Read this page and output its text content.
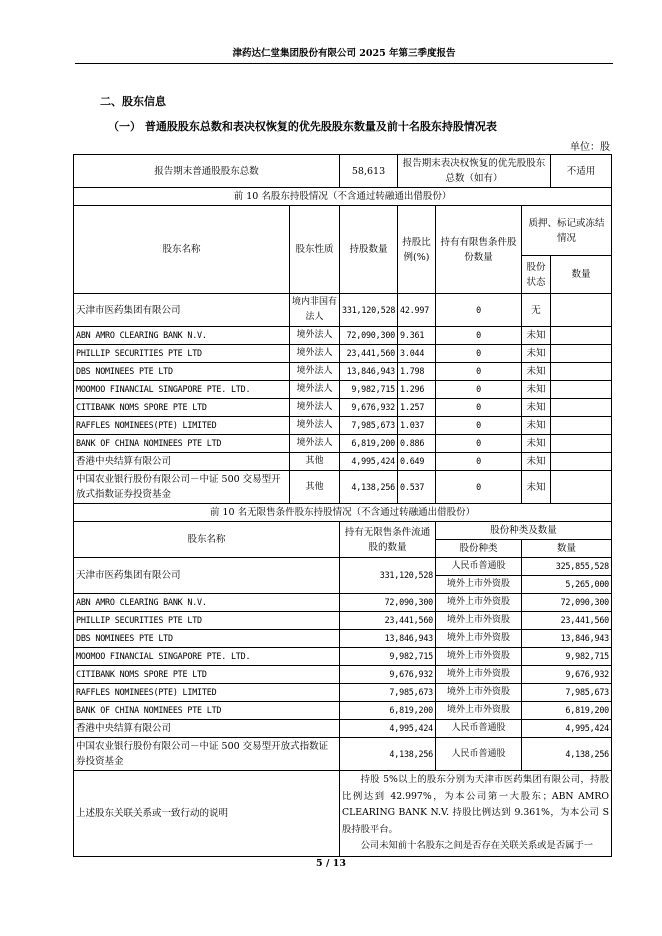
津药达仁堂集团股份有限公司 2025 年第三季度报告
二、股东信息
（一） 普通股股东总数和表决权恢复的优先股股东数量及前十名股东持股情况表
单位：股
报告期末普通股股东总数		58,613	报告期末表决权恢复的优先股股东总数（如有）			不适用
前 10 名股东持股情况（不含通过转融通出借股份）						
股东名称	股东性质	持股数量	持股比例(%)	持有有限售条件股份数量	质押、标记或冻结情况	
					股份状态	数量
天津市医药集团有限公司	境内非国有法人	331,120,528	42.997	0	无	
ABN AMRO CLEARING BANK N.V.	境外法人	72,090,300	9.361	0	未知	
PHILLIP SECURITIES PTE LTD	境外法人	23,441,560	3.044	0	未知	
DBS NOMINEES PTE LTD	境外法人	13,846,943	1.798	0	未知	
MOOMOO FINANCIAL SINGAPORE PTE. LTD.	境外法人	9,982,715	1.296	0	未知	
CITIBANK NOMS SPORE PTE LTD	境外法人	9,676,932	1.257	0	未知	
RAFFLES NOMINEES(PTE) LIMITED	境外法人	7,985,673	1.037	0	未知	
BANK OF CHINA NOMINEES PTE LTD	境外法人	6,819,200	0.886	0	未知	
香港中央结算有限公司	其他	4,995,424	0.649	0	未知	
中国农业银行股份有限公司－中证 500 交易型开放式指数证券投资基金	其他	4,138,256	0.537	0	未知	
前 10 名无限售条件股东持股情况（不含通过转融通出借股份）						
股东名称		持有无限售条件流通股的数量		股份种类及数量		
				股份种类	数量	
天津市医药集团有限公司		331,120,528		人民币普通股	325,855,528	
				境外上市外资股	5,265,000	
ABN AMRO CLEARING BANK N.V.		72,090,300		境外上市外资股	72,090,300	
PHILLIP SECURITIES PTE LTD		23,441,560		境外上市外资股	23,441,560	
DBS NOMINEES PTE LTD		13,846,943		境外上市外资股	13,846,943	
MOOMOO FINANCIAL SINGAPORE PTE. LTD.		9,982,715		境外上市外资股	9,982,715	
CITIBANK NOMS SPORE PTE LTD		9,676,932		境外上市外资股	9,676,932	
RAFFLES NOMINEES(PTE) LIMITED		7,985,673		境外上市外资股	7,985,673	
BANK OF CHINA NOMINEES PTE LTD		6,819,200		境外上市外资股	6,819,200	
香港中央结算有限公司		4,995,424		人民币普通股	4,995,424	
中国农业银行股份有限公司－中证 500 交易型开放式指数证券投资基金		4,138,256		人民币普通股	4,138,256	
上述股东关联关系或一致行动的说明		持股 5%以上的股东分别为天津市医药集团有限公司，持股比例达到 42.997%，为本公司第一大股东；ABN AMRO CLEARING BANK N.V. 持股比例达到 9.361%，为本公司 S 股持股平台。
公司未知前十名股东之间是否存在关联关系或是否属于一				
5 / 13
